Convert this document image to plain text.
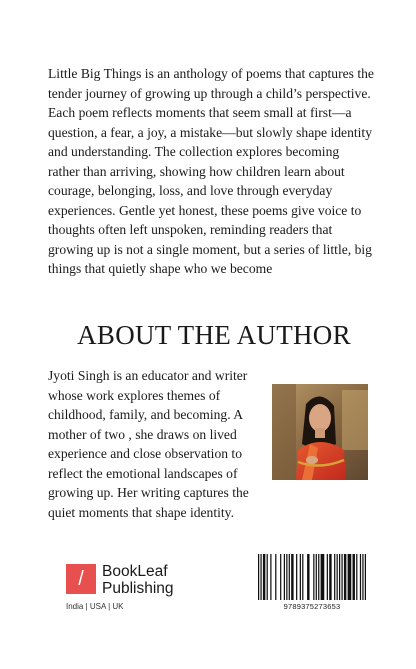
Little Big Things is an anthology of poems that captures the tender journey of growing up through a child’s perspective. Each poem reflects moments that seem small at first—a question, a fear, a joy, a mistake—but slowly shape identity and understanding. The collection explores becoming rather than arriving, showing how children learn about courage, belonging, loss, and love through everyday experiences. Gentle yet honest, these poems give voice to thoughts often left unspoken, reminding readers that growing up is not a single moment, but a series of little, big things that quietly shape who we become

ABOUT THE AUTHOR

Jyoti Singh is an educator and writer whose work explores themes of childhood, family, and becoming. A mother of two , she draws on lived experience and close observation to reflect the emotional landscapes of growing up. Her writing captures the quiet moments that shape identity.

/	BookLeaf
Publishing
India | USA | UK	9789375273653
